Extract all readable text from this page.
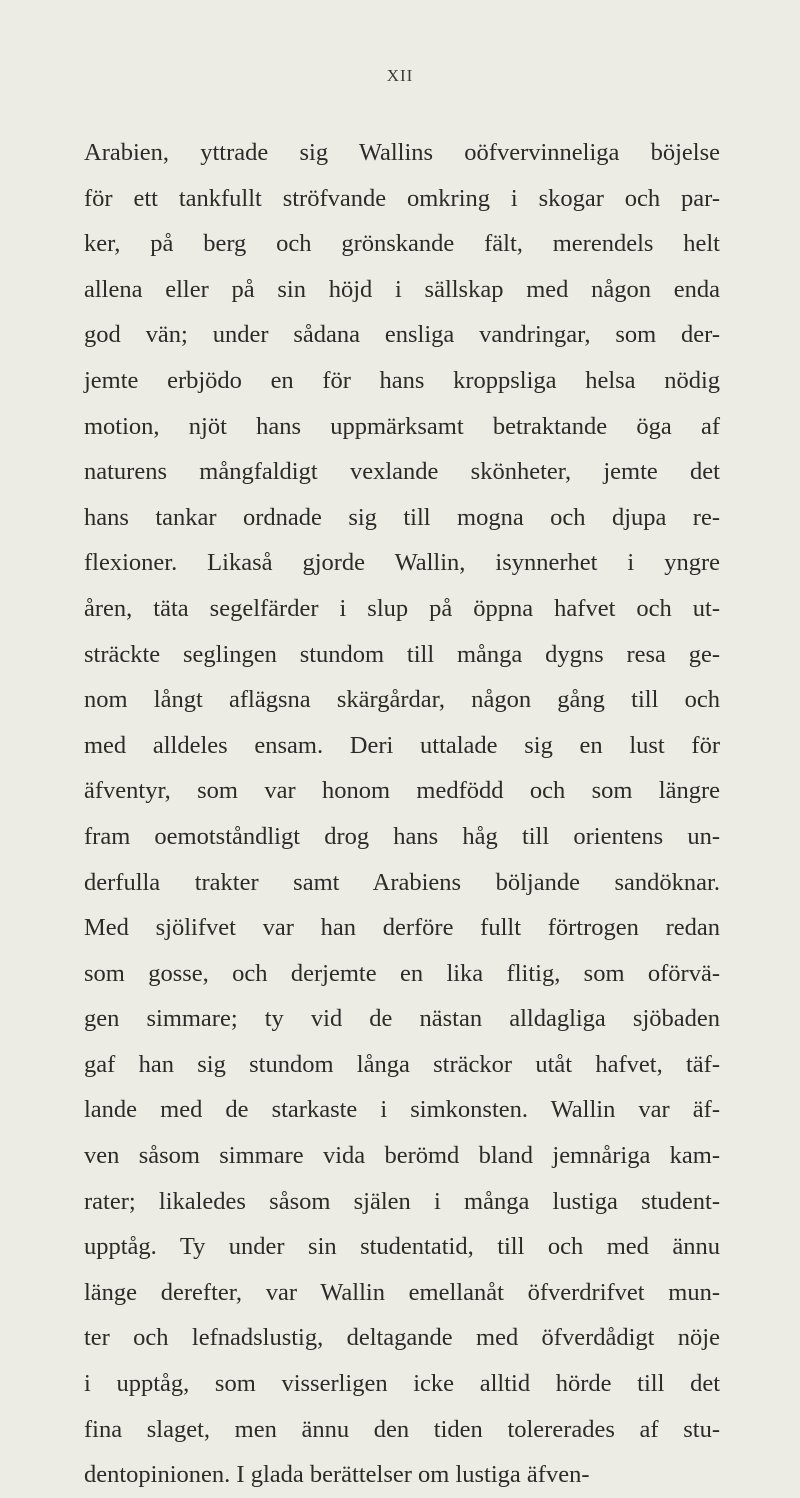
XII
Arabien, yttrade sig Wallins oöfvervinneliga böjelse
för ett tankfullt ströfvande omkring i skogar och par-
ker, på berg och grönskande fält, merendels helt
allena eller på sin höjd i sällskap med någon enda
god vän; under sådana ensliga vandringar, som der-
jemte erbjödo en för hans kroppsliga helsa nödig
motion, njöt hans uppmärksamt betraktande öga af
naturens mångfaldigt vexlande skönheter, jemte det
hans tankar ordnade sig till mogna och djupa re-
flexioner. Likaså gjorde Wallin, isynnerhet i yngre
åren, täta segelfärder i slup på öppna hafvet och ut-
sträckte seglingen stundom till många dygns resa ge-
nom långt aflägsna skärgårdar, någon gång till och
med alldeles ensam. Deri uttalade sig en lust för
äfventyr, som var honom medfödd och som längre
fram oemotståndligt drog hans håg till orientens un-
derfulla trakter samt Arabiens böljande sandöknar.
Med sjölifvet var han derföre fullt förtrogen redan
som gosse, och derjemte en lika flitig, som oförvä-
gen simmare; ty vid de nästan alldagliga sjöbaden
gaf han sig stundom långa sträckor utåt hafvet, täf-
lande med de starkaste i simkonsten. Wallin var äf-
ven såsom simmare vida berömd bland jemnåriga kam-
rater; likaledes såsom själen i många lustiga student-
upptåg. Ty under sin studentatid, till och med ännu
länge derefter, var Wallin emellanåt öfverdrifvet mun-
ter och lefnadslustig, deltagande med öfverdådigt nöje
i upptåg, som visserligen icke alltid hörde till det
fina slaget, men ännu den tiden tolererades af stu-
dentopinionen. I glada berättelser om lustiga äfven-
